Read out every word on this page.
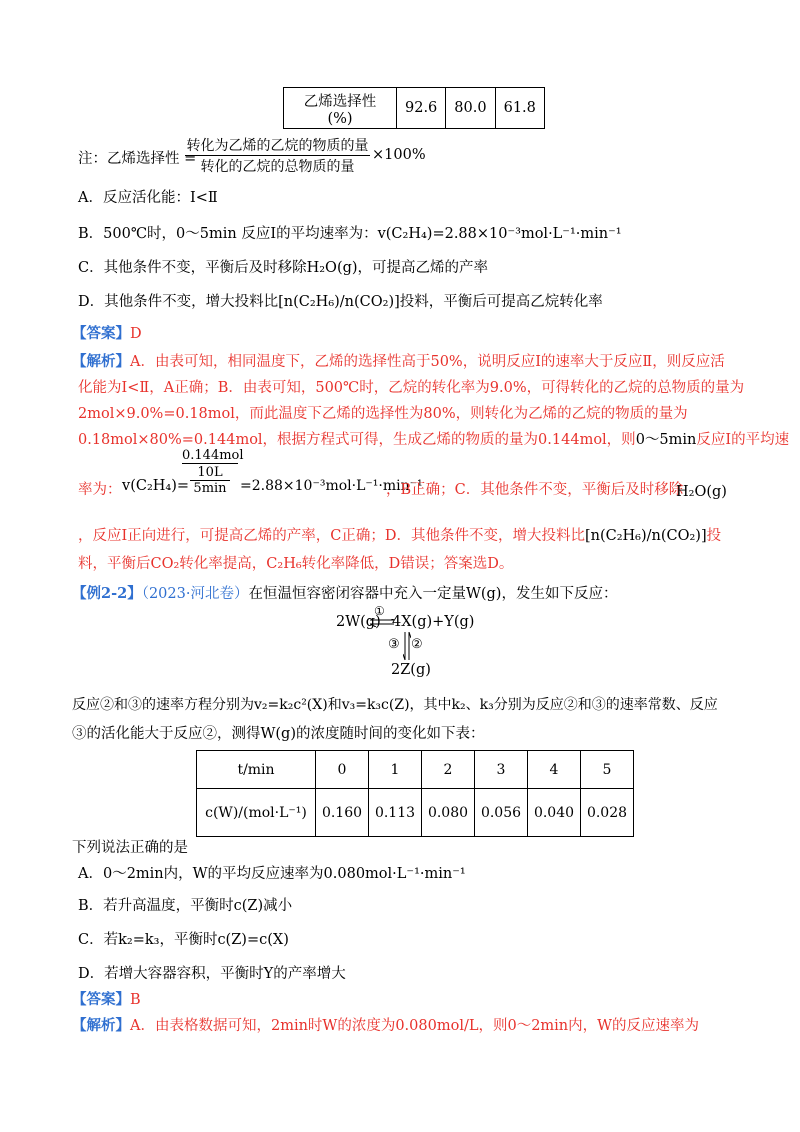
乙烯选择性(%)	92.6	80.0	61.8
注：乙烯选择性 =
转化为乙烯的乙烷的物质的量
转化的乙烷的总物质的量
×100%
A．反应活化能：Ⅰ<Ⅱ
B．500℃时，0～5min 反应Ⅰ的平均速率为：v(C₂H₄)=2.88×10⁻³mol·L⁻¹·min⁻¹
C．其他条件不变，平衡后及时移除H₂O(g)，可提高乙烯的产率
D．其他条件不变，增大投料比[n(C₂H₆)/n(CO₂)]投料，平衡后可提高乙烷转化率
【答案】D
【解析】A．由表可知，相同温度下，乙烯的选择性高于50%，说明反应Ⅰ的速率大于反应Ⅱ，则反应活
化能为Ⅰ<Ⅱ，A正确；B．由表可知，500℃时，乙烷的转化率为9.0%，可得转化的乙烷的总物质的量为
2mol×9.0%=0.18mol，而此温度下乙烯的选择性为80%，则转化为乙烯的乙烷的物质的量为
0.18mol×80%=0.144mol，根据方程式可得，生成乙烯的物质的量为0.144mol，则0～5min反应Ⅰ的平均速
率为： v(C₂H₄)=
0.144mol
10L
5min =2.88×10⁻³mol·L⁻¹·min⁻¹
，B正确；C．其他条件不变，平衡后及时移除
H₂O(g)
，反应Ⅰ正向进行，可提高乙烯的产率，C正确；D．其他条件不变，增大投料比[n(C₂H₆)/n(CO₂)]投
料，平衡后CO₂转化率提高，C₂H₆转化率降低，D错误；答案选D。
【例2-2】（2023·河北卷）在恒温恒容密闭容器中充入一定量W(g)，发生如下反应：
2W(g)
①
4X(g)+Y(g)
③ ②
2Z(g)
反应②和③的速率方程分别为v₂=k₂c²(X)和v₃=k₃c(Z)，其中k₂、k₃分别为反应②和③的速率常数、反应
③的活化能大于反应②，测得W(g)的浓度随时间的变化如下表：
t/min	0	1	2	3	4	5
c(W)/(mol·L⁻¹)	0.160	0.113	0.080	0.056	0.040	0.028
下列说法正确的是
A．0～2min内，W的平均反应速率为0.080mol·L⁻¹·min⁻¹
B．若升高温度，平衡时c(Z)减小
C．若k₂=k₃，平衡时c(Z)=c(X)
D．若增大容器容积，平衡时Y的产率增大
【答案】B
【解析】A．由表格数据可知，2min时W的浓度为0.080mol/L，则0～2min内，W的反应速率为
